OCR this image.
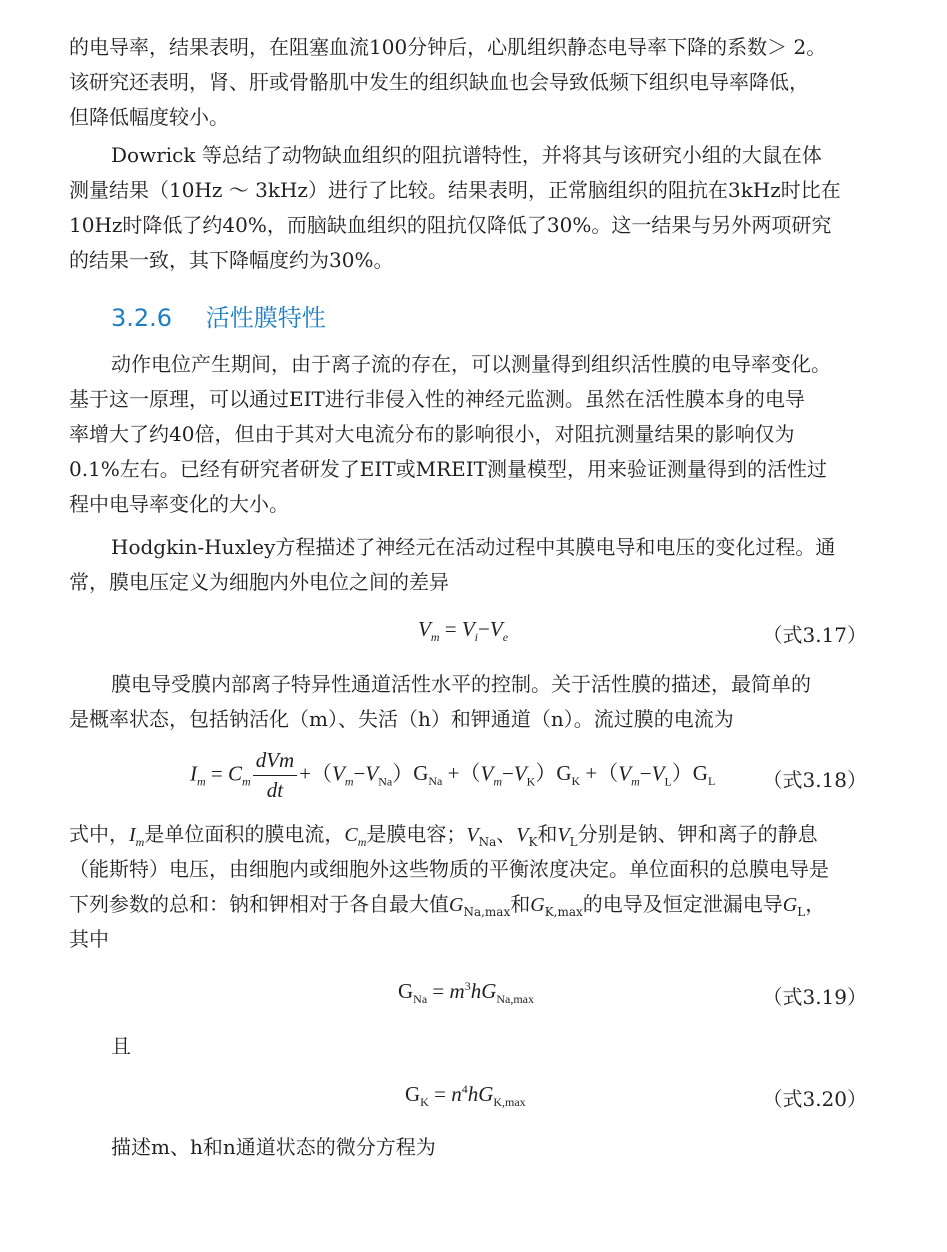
的电导率，结果表明，在阻塞血流100分钟后，心肌组织静态电导率下降的系数＞ 2。
该研究还表明，肾、肝或骨骼肌中发生的组织缺血也会导致低频下组织电导率降低，
但降低幅度较小。
Dowrick 等总结了动物缺血组织的阻抗谱特性，并将其与该研究小组的大鼠在体
测量结果（10Hz ～ 3kHz）进行了比较。结果表明，正常脑组织的阻抗在3kHz时比在
10Hz时降低了约40%，而脑缺血组织的阻抗仅降低了30%。这一结果与另外两项研究
的结果一致，其下降幅度约为30%。
3.2.6 活性膜特性
动作电位产生期间，由于离子流的存在，可以测量得到组织活性膜的电导率变化。
基于这一原理，可以通过EIT进行非侵入性的神经元监测。虽然在活性膜本身的电导
率增大了约40倍，但由于其对大电流分布的影响很小，对阻抗测量结果的影响仅为
0.1%左右。已经有研究者研发了EIT或MREIT测量模型，用来验证测量得到的活性过
程中电导率变化的大小。
Hodgkin-Huxley方程描述了神经元在活动过程中其膜电导和电压的变化过程。通
常，膜电压定义为细胞内外电位之间的差异
$V_m = V_i-V_e$	（式3.17）
膜电导受膜内部离子特异性通道活性水平的控制。关于活性膜的描述，最简单的
是概率状态，包括钠活化（m）、失活（h）和钾通道（n）。流过膜的电流为
$I_m = C_m \frac{\text{dVm}}{dt} +(V_m-V_{Na})G_{Na} +(V_m-V_K)G_K +(V_m-V_L)G_L$ （式3.18）
式中，$I_m$是单位面积的膜电流，$C_m$是膜电容；$V_{Na}$、$V_K$和$V_L$分别是钠、钾和离子的静息
（能斯特）电压，由细胞内或细胞外这些物质的平衡浓度决定。单位面积的总膜电导是
下列参数的总和：钠和钾相对于各自最大值$G_{Na,max}$和$G_{K,max}$的电导及恒定泄漏电导$G_L$，
其中
$G_{Na} = m^3hG_{Na,max}$	（式3.19）
且
$G_K = n^4hG_{K,max}$	（式3.20）
描述m、h和n通道状态的微分方程为
